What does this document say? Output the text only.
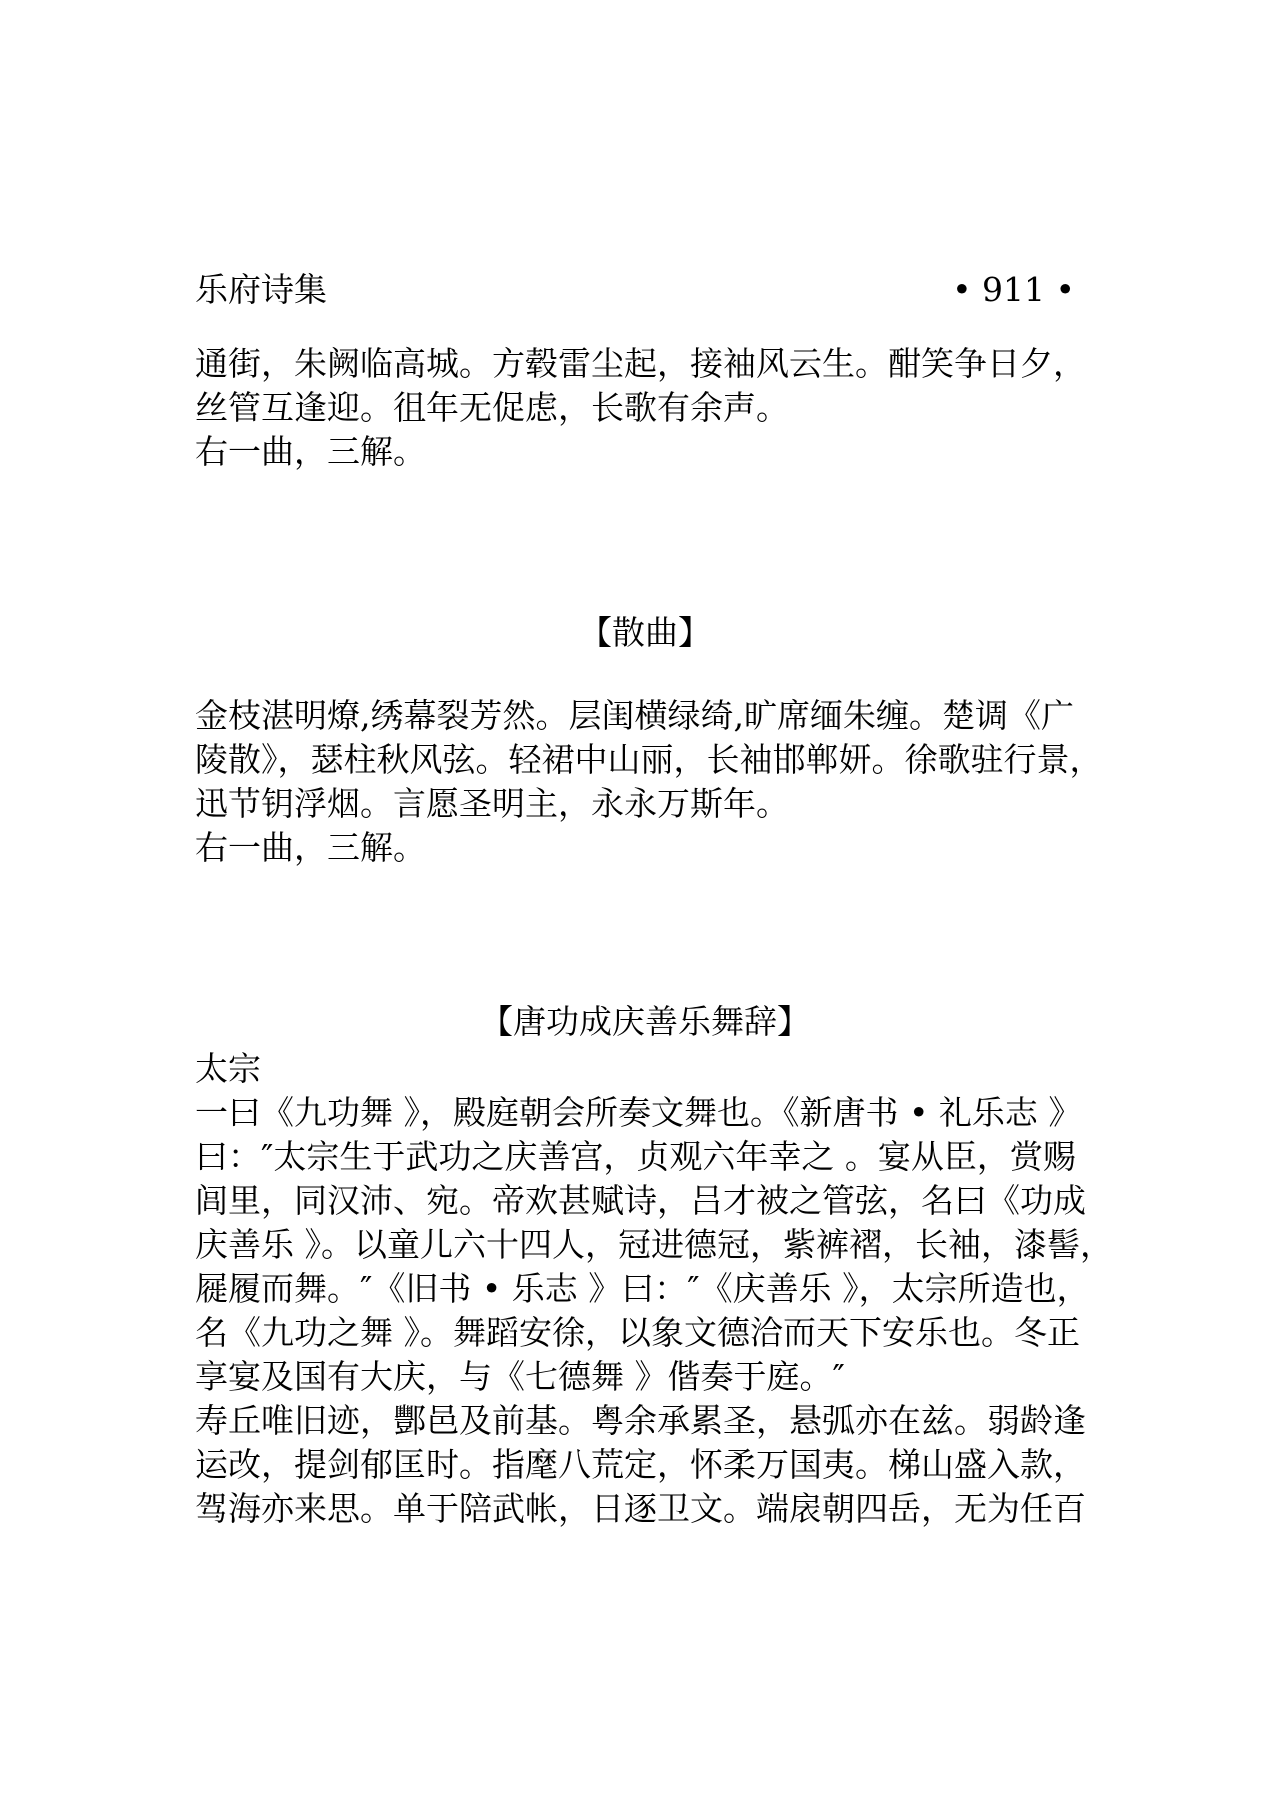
乐府诗集	• 911 •
通街，朱阙临高城。方毂雷尘起，接袖风云生。酣笑争日夕，
丝管互逢迎。徂年无促虑，长歌有余声。
右一曲，三解。
【散曲】
金枝湛明燎,绣幕裂芳然。层闺横绿绮,旷席缅朱缠。楚调《广
陵散》，瑟柱秋风弦。轻裙中山丽，长袖邯郸妍。徐歌驻行景，
迅节钥浮烟。言愿圣明主，永永万斯年。
右一曲，三解。
【唐功成庆善乐舞辞】
太宗
一曰《九功舞 》，殿庭朝会所奏文舞也。《新唐书 • 礼乐志 》
曰：″太宗生于武功之庆善宫，贞观六年幸之 。宴从臣，赏赐
闾里，同汉沛、宛。帝欢甚赋诗，吕才被之管弦，名曰《功成
庆善乐 》。以童儿六十四人，冠进德冠，紫裤褶，长袖，漆髻，
屣履而舞。″《旧书 • 乐志 》曰：″《庆善乐 》，太宗所造也，
名《九功之舞 》。舞蹈安徐，以象文德洽而天下安乐也。冬正
享宴及国有大庆，与《七德舞 》偕奏于庭。″
寿丘唯旧迹，酆邑及前基。粤余承累圣，悬弧亦在兹。弱龄逢
运改，提剑郁匡时。指麾八荒定，怀柔万国夷。梯山盛入款，
驾海亦来思。单于陪武帐，日逐卫文。端扆朝四岳，无为任百
